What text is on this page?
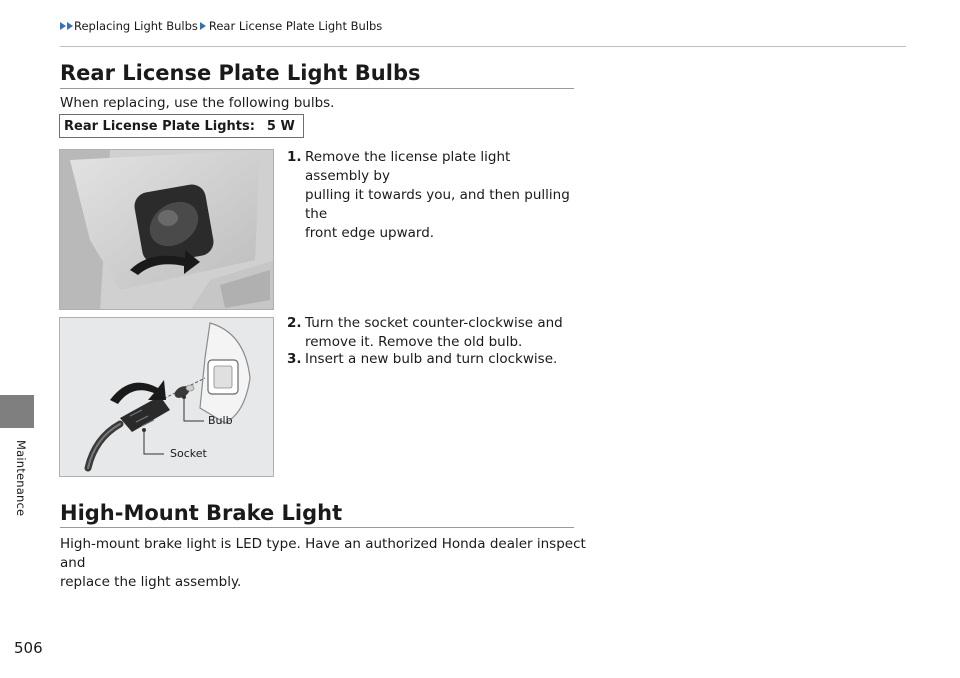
Replacing Light Bulbs Rear License Plate Light Bulbs
Maintenance
506
Rear License Plate Light Bulbs
When replacing, use the following bulbs.
Rear License Plate Lights: 5 W
1. Remove the license plate light assembly by
pulling it towards you, and then pulling the
front edge upward.
2. Turn the socket counter-clockwise and
remove it. Remove the old bulb.
3. Insert a new bulb and turn clockwise.
Bulb
Socket
High-Mount Brake Light
High-mount brake light is LED type. Have an authorized Honda dealer inspect and
replace the light assembly.
